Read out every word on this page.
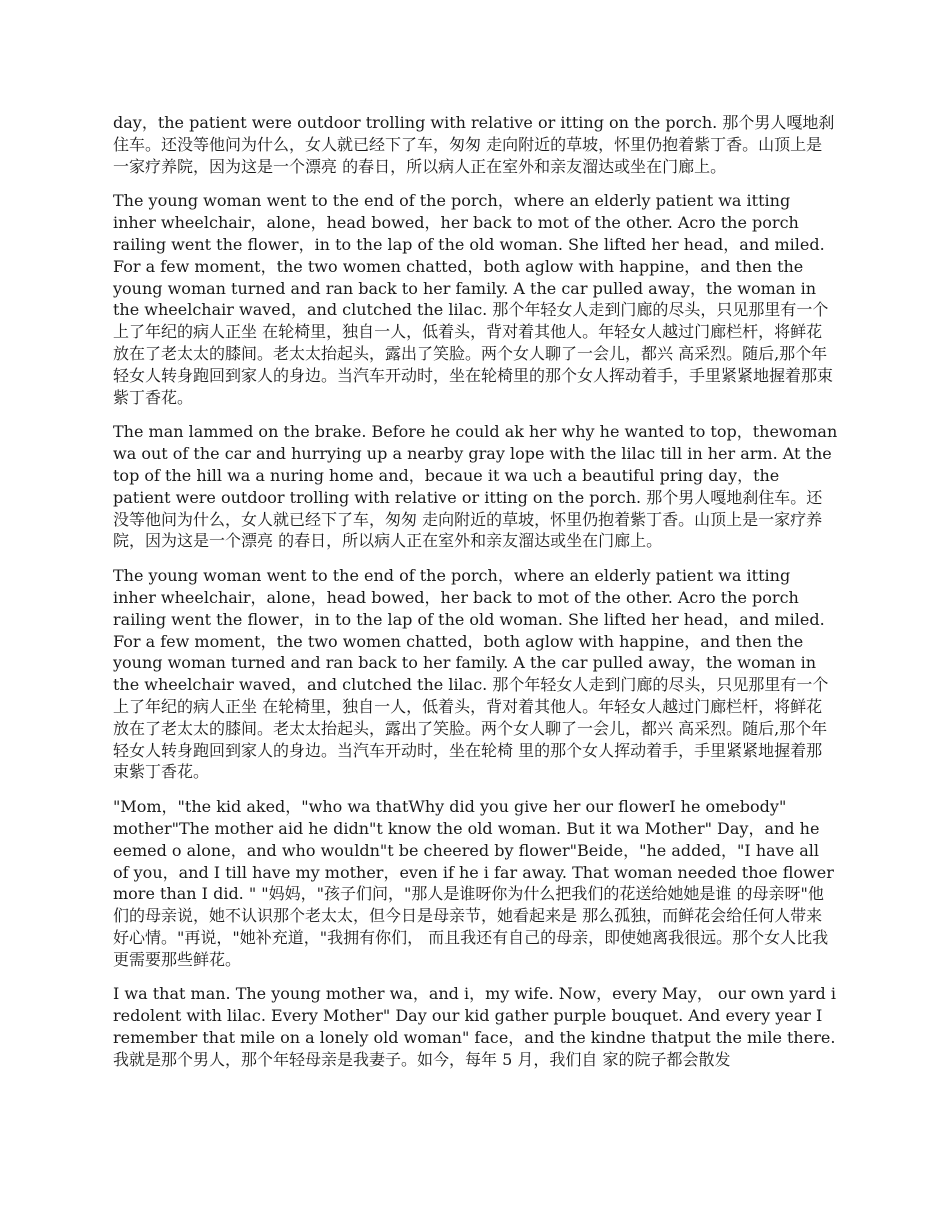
day，the patient were outdoor trolling with relative or itting on the porch. 那个男人嘎地刹住车。还没等他问为什么，女人就已经下了车，匆匆 走向附近的草坡，怀里仍抱着紫丁香。山顶上是一家疗养院，因为这是一个漂亮 的春日，所以病人正在室外和亲友溜达或坐在门廊上。

The young woman went to the end of the porch，where an elderly patient wa itting inher wheelchair，alone，head bowed，her back to mot of the other. Acro the porch railing went the flower，in to the lap of the old woman. She lifted her head，and miled. For a few moment，the two women chatted，both aglow with happine，and then the young woman turned and ran back to her family. A the car pulled away，the woman in the wheelchair waved，and clutched the lilac. 那个年轻女人走到门廊的尽头，只见那里有一个上了年纪的病人正坐 在轮椅里，独自一人，低着头，背对着其他人。年轻女人越过门廊栏杆，将鲜花 放在了老太太的膝间。老太太抬起头，露出了笑脸。两个女人聊了一会儿，都兴 高采烈。随后,那个年轻女人转身跑回到家人的身边。当汽车开动时，坐在轮椅里的那个女人挥动着手，手里紧紧地握着那束紫丁香花。

The man lammed on the brake. Before he could ak her why he wanted to top，thewoman wa out of the car and hurrying up a nearby gray lope with the lilac till in her arm. At the top of the hill wa a nuring home and，becaue it wa uch a beautiful pring day，the patient were outdoor trolling with relative or itting on the porch. 那个男人嘎地刹住车。还没等他问为什么，女人就已经下了车，匆匆 走向附近的草坡，怀里仍抱着紫丁香。山顶上是一家疗养院，因为这是一个漂亮 的春日，所以病人正在室外和亲友溜达或坐在门廊上。

The young woman went to the end of the porch，where an elderly patient wa itting inher wheelchair，alone，head bowed，her back to mot of the other. Acro the porch railing went the flower，in to the lap of the old woman. She lifted her head，and miled. For a few moment，the two women chatted，both aglow with happine，and then the young woman turned and ran back to her family. A the car pulled away，the woman in the wheelchair waved，and clutched the lilac. 那个年轻女人走到门廊的尽头，只见那里有一个上了年纪的病人正坐 在轮椅里，独自一人，低着头，背对着其他人。年轻女人越过门廊栏杆，将鲜花 放在了老太太的膝间。老太太抬起头，露出了笑脸。两个女人聊了一会儿，都兴 高采烈。随后,那个年轻女人转身跑回到家人的身边。当汽车开动时，坐在轮椅 里的那个女人挥动着手，手里紧紧地握着那束紫丁香花。

"Mom，"the kid aked，"who wa thatWhy did you give her our flowerI he omebody" mother"The mother aid he didn"t know the old woman. But it wa Mother" Day，and he eemed o alone，and who wouldn"t be cheered by flower"Beide，"he added，"I have all of you，and I till have my mother，even if he i far away. That woman needed thoe flower more than I did. " "妈妈，"孩子们问，"那人是谁呀你为什么把我们的花送给她她是谁 的母亲呀"他们的母亲说，她不认识那个老太太，但今日是母亲节，她看起来是 那么孤独，而鲜花会给任何人带来好心情。"再说，"她补充道，"我拥有你们， 而且我还有自己的母亲，即使她离我很远。那个女人比我更需要那些鲜花。

I wa that man. The young mother wa，and i，my wife. Now，every May， our own yard i redolent with lilac. Every Mother" Day our kid gather purple bouquet. And every year I remember that mile on a lonely old woman" face，and the kindne thatput the mile there. 我就是那个男人，那个年轻母亲是我妻子。如今，每年 5 月，我们自 家的院子都会散发
